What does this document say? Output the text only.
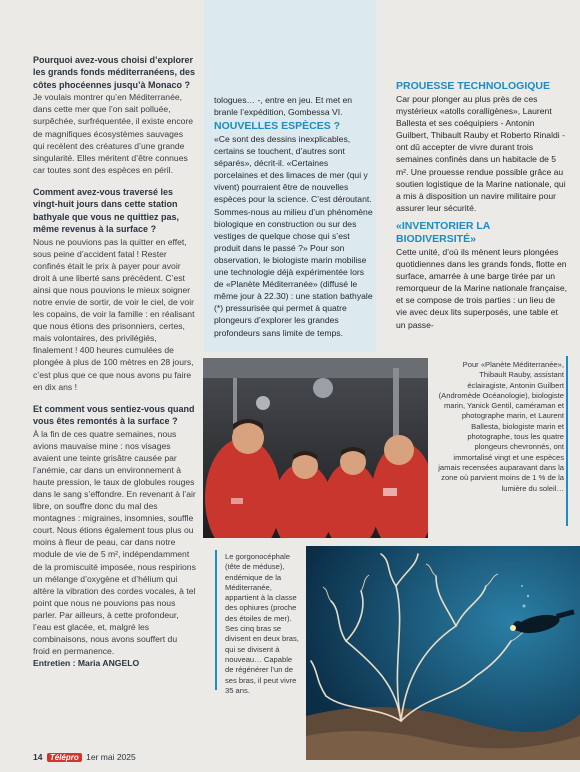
Pourquoi avez-vous choisi d’explorer les grands fonds méditerranéens, des côtes phocéennes jusqu’à Monaco ?

Je voulais montrer qu’en Méditerranée, dans cette mer que l’on sait polluée, surpêchée, surfréquentée, il existe encore de magnifiques écosystèmes sauvages qui recèlent des créatures d’une grande singularité. Elles méritent d’être connues car toutes sont des espèces en péril.

Comment avez-vous traversé les vingt-huit jours dans cette station bathyale que vous ne quittiez pas, même revenus à la surface ?

Nous ne pouvions pas la quitter en effet, sous peine d’accident fatal ! Rester confinés était le prix à payer pour avoir droit à une liberté sans précédent. C’est ainsi que nous pouvions le mieux soigner notre envie de sortir, de voir le ciel, de voir les copains, de voir la famille : en réalisant que nous étions des prisonniers, certes, mais volontaires, des privilégiés, finalement ! 400 heures cumulées de plongée à plus de 100 mètres en 28 jours, c’est plus que ce que nous avons pu faire en dix ans !

Et comment vous sentiez-vous quand vous êtes remontés à la surface ?

À la fin de ces quatre semaines, nous avions mauvaise mine : nos visages avaient une teinte grisâtre causée par l’anémie, car dans un environnement à haute pression, le taux de globules rouges dans le sang s’effondre. En revenant à l’air libre, on souffre donc du mal des montagnes : migraines, insomnies, souffle court. Nous étions également tous plus ou moins à fleur de peau, car dans notre module de vie de 5 m², indépendamment de la promiscuité imposée, nous respirions un mélange d’oxygène et d’hélium qui altère la vibration des cordes vocales, à tel point que nous ne pouvions pas nous parler. Par ailleurs, à cette profondeur, l’eau est glacée, et, malgré les combinaisons, nous avons souffert du froid en permanence.

Entretien : Maria ANGELO

tologues… -, entre en jeu. Et met en branle l’expédition, Gombessa VI.

NOUVELLES ESPÈCES ?

«Ce sont des dessins inexplicables, certains se touchent, d’autres sont séparés», décrit-il. «Certaines porcelaines et des limaces de mer (qui y vivent) pourraient être de nouvelles espèces pour la science. C’est déroutant. Sommes-nous au milieu d’un phénomène biologique en construction ou sur des vestiges de quelque chose qui s’est produit dans le passé ?» Pour son observation, le biologiste marin mobilise une technologie déjà expérimentée lors de «Planète Méditerranée» (diffusé le même jour à 22.30) : une station bathyale (*) pressurisée qui permet à quatre plongeurs d’explorer les grandes profondeurs sans limite de temps.

PROUESSE TECHNOLOGIQUE

Car pour plonger au plus près de ces mystérieux «atolls coralligènes», Laurent Ballesta et ses coéquipiers - Antonin Guilbert, Thibault Rauby et Roberto Rinaldi - ont dû accepter de vivre durant trois semaines confinés dans un habitacle de 5 m². Une prouesse rendue possible grâce au soutien logistique de la Marine nationale, qui a mis à disposition un navire militaire pour assurer leur sécurité.

«INVENTORIER LA BIODIVERSITÉ»

Cette unité, d’où ils mènent leurs plongées quotidiennes dans les grands fonds, flotte en surface, amarrée à une barge tirée par un remorqueur de la Marine nationale française, et se compose de trois parties : un lieu de vie avec deux lits superposés, une table et un passe-

Pour «Planète Méditerranée», Thibault Rauby, assistant éclairagiste, Antonin Guilbert (Andromède Océanologie), biologiste marin, Yanick Gentil, caméraman et photographe marin, et Laurent Ballesta, biologiste marin et photographe, tous les quatre plongeurs chevronnés, ont immortalisé vingt et une espèces jamais recensées auparavant dans la zone où parvient moins de 1 % de la lumière du soleil…

Le gorgonocéphale (tête de méduse), endémique de la Méditerranée, appartient à la classe des ophiures (proche des étoiles de mer). Ses cinq bras se divisent en deux bras, qui se divisent à nouveau… Capable de régénérer l’un de ses bras, il peut vivre 35 ans.

14 Télépro 1er mai 2025
